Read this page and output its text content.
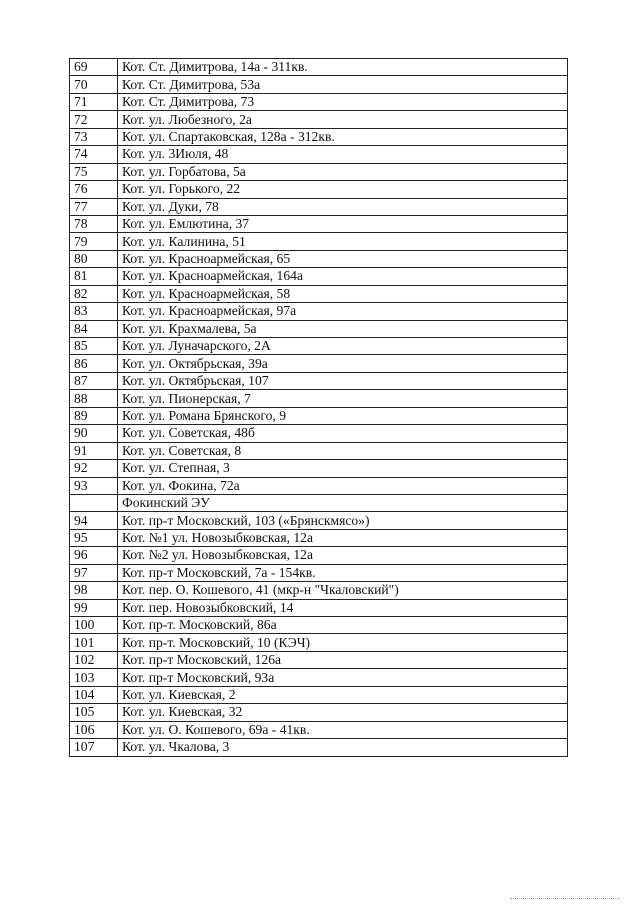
69	Кот. Ст. Димитрова, 14а - 311кв.
70	Кот. Ст. Димитрова, 53а
71	Кот. Ст. Димитрова, 73
72	Кот. ул. Любезного, 2а
73	Кот. ул. Спартаковская, 128а - 312кв.
74	Кот. ул. 3Июля, 48
75	Кот. ул. Горбатова, 5а
76	Кот. ул. Горького, 22
77	Кот. ул. Дуки, 78
78	Кот. ул. Емлютина, 37
79	Кот. ул. Калинина, 51
80	Кот. ул. Красноармейская, 65
81	Кот. ул. Красноармейская, 164а
82	Кот. ул. Красноармейская, 58
83	Кот. ул. Красноармейская, 97а
84	Кот. ул. Крахмалева, 5а
85	Кот. ул. Луначарского, 2А
86	Кот. ул. Октябрьская, 39а
87	Кот. ул. Октябрьская, 107
88	Кот. ул. Пионерская, 7
89	Кот. ул. Романа Брянского, 9
90	Кот. ул. Советская, 48б
91	Кот. ул. Советская, 8
92	Кот. ул. Степная, 3
93	Кот. ул. Фокина, 72а
	Фокинский ЭУ
94	Кот. пр-т Московский, 103 («Брянскмясо»)
95	Кот. №1 ул. Новозыбковская, 12а
96	Кот. №2 ул. Новозыбковская, 12а
97	Кот. пр-т Московский, 7а - 154кв.
98	Кот. пер. О. Кошевого, 41 (мкр-н "Чкаловский")
99	Кот. пер. Новозыбковский, 14
100	Кот. пр-т. Московский, 86а
101	Кот. пр-т. Московский, 10 (КЭЧ)
102	Кот. пр-т Московский, 126а
103	Кот. пр-т Московский, 93а
104	Кот. ул. Киевская, 2
105	Кот. ул. Киевская, 32
106	Кот. ул. О. Кошевого, 69а - 41кв.
107	Кот. ул. Чкалова, 3
